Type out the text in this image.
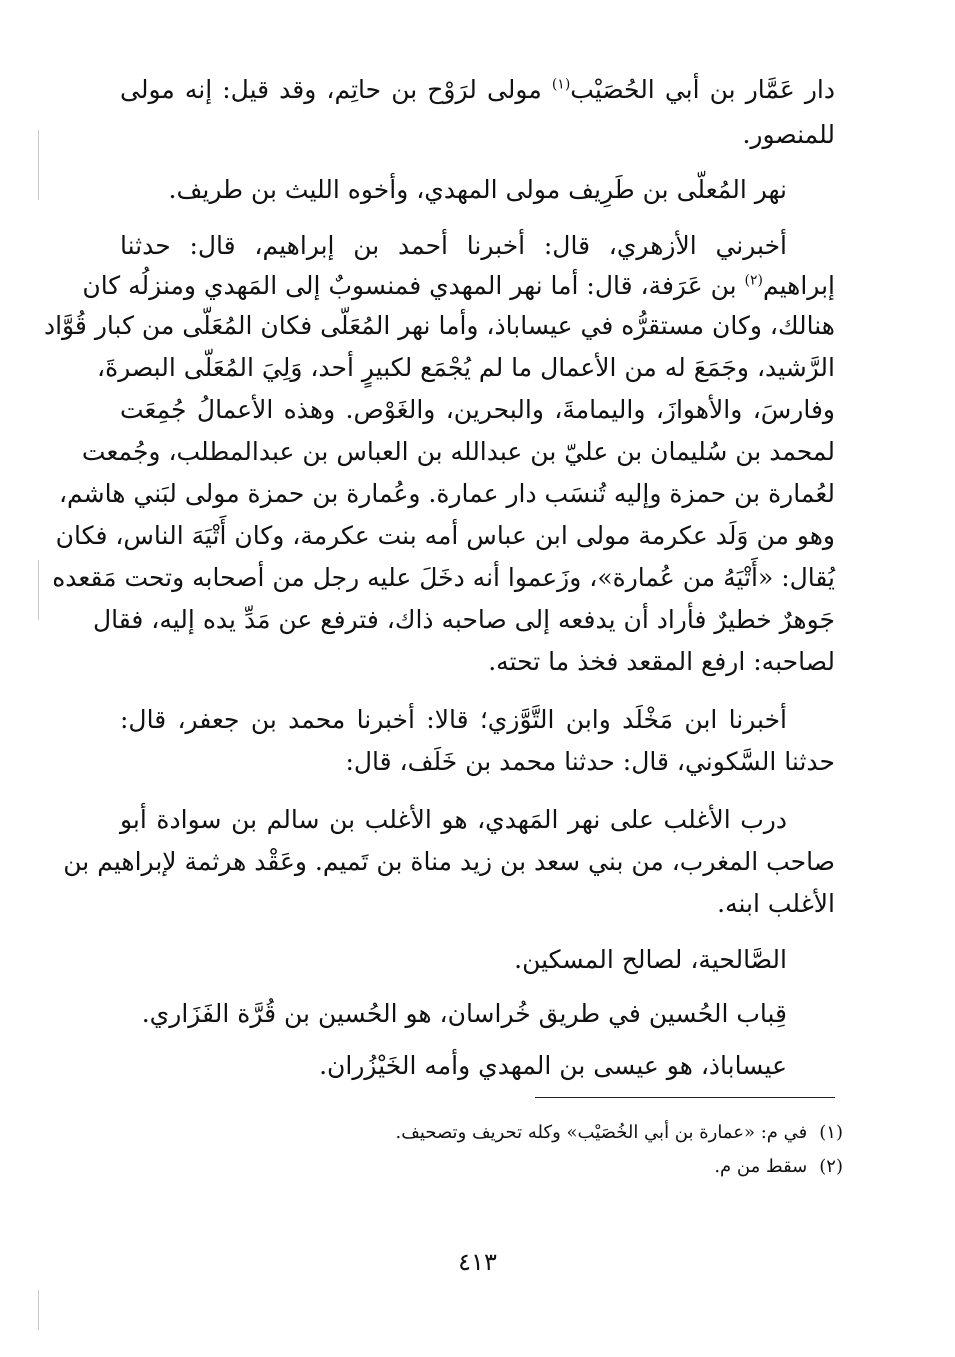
دار عَمَّار بن أبي الحُصَيْب$^{(١)}$ مولى لرَوْح بن حاتِم، وقد قيل: إنه مولى
للمنصور.
نهر المُعلّى بن طَرِيف مولى المهدي، وأخوه الليث بن طريف.
أخبرني الأزهري، قال: أخبرنا أحمد بن إبراهيم، قال: حدثنا
إبراهيم$^{(٢)}$ بن عَرَفة، قال: أما نهر المهدي فمنسوبٌ إلى المَهدي ومنزلُه كان
هنالك، وكان مستقرُّه في عيساباذ، وأما نهر المُعَلّى فكان المُعَلّى من كبار قُوَّاد
الرَّشيد، وجَمَعَ له من الأعمال ما لم يُجْمَع لكبيرٍ أحد، وَلِيَ المُعَلّى البصرةَ،
وفارسَ، والأهوازَ، واليمامةَ، والبحرين، والغَوْص. وهذه الأعمالُ جُمِعَت
لمحمد بن سُليمان بن عليّ بن عبدالله بن العباس بن عبدالمطلب، وجُمعت
لعُمارة بن حمزة وإليه تُنسَب دار عمارة. وعُمارة بن حمزة مولى لبَني هاشم،
وهو من وَلَد عكرمة مولى ابن عباس أمه بنت عكرمة، وكان أَتْيَهَ الناس، فكان
يُقال: «أَتْيَهُ من عُمارة»، وزَعموا أنه دخَلَ عليه رجل من أصحابه وتحت مَقعده
جَوهرٌ خطيرٌ فأراد أن يدفعه إلى صاحبه ذاك، فترفع عن مَدِّ يده إليه، فقال
لصاحبه: ارفع المقعد فخذ ما تحته.
أخبرنا ابن مَخْلَد وابن التَّوَّزي؛ قالا: أخبرنا محمد بن جعفر، قال:
حدثنا السَّكوني، قال: حدثنا محمد بن خَلَف، قال:
درب الأغلب على نهر المَهدي، هو الأغلب بن سالم بن سوادة أبو
صاحب المغرب، من بني سعد بن زيد مناة بن تَميم. وعَقْد هرثمة لإبراهيم بن
الأغلب ابنه.
الصَّالحية، لصالح المسكين.
قِباب الحُسين في طريق خُراسان، هو الحُسين بن قُرَّة الفَزَاري.
عيساباذ، هو عيسى بن المهدي وأمه الخَيْزُران.
(١)في م: «عمارة بن أبي الخُصَيْب» وكله تحريف وتصحيف.
(٢)سقط من م.
٤١٣
